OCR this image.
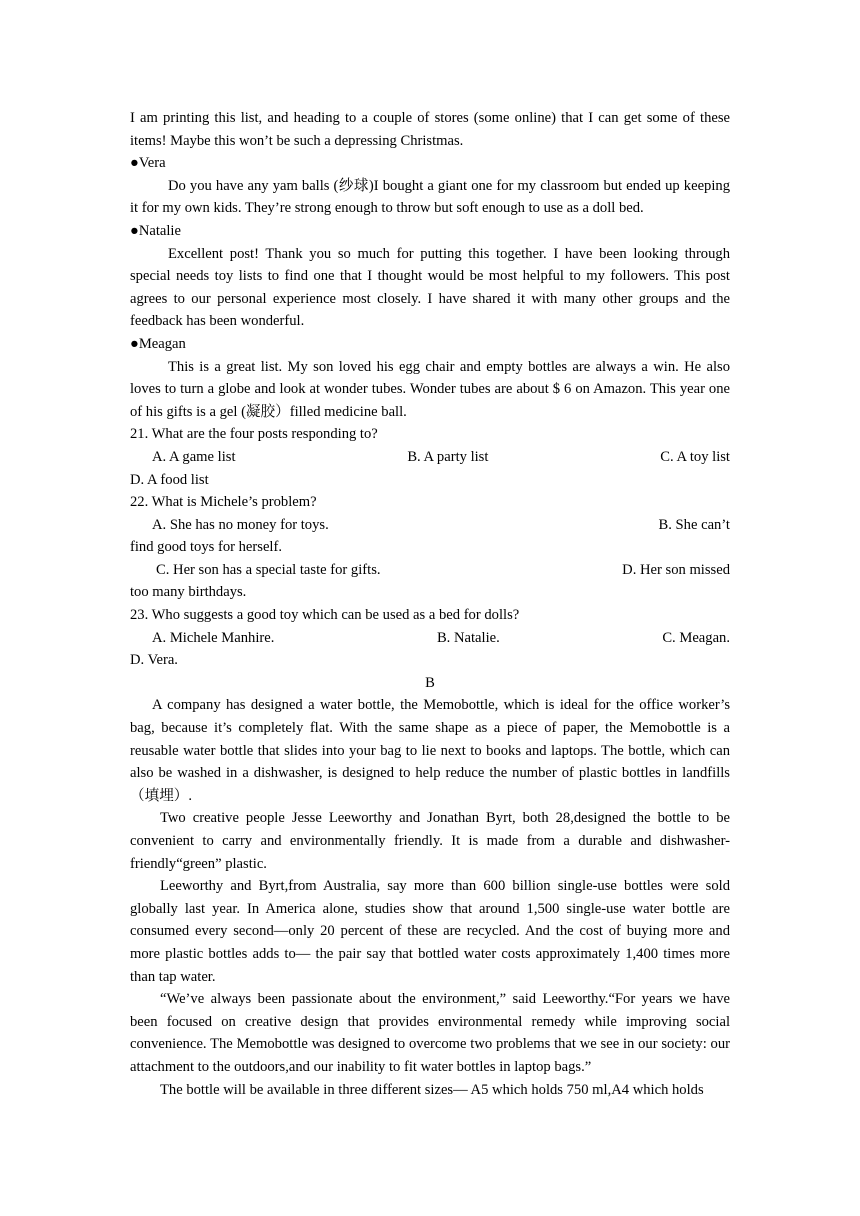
I am printing this list, and heading to a couple of stores (some online) that I can get some of these items! Maybe this won’t be such a depressing Christmas.

●Vera

Do you have any yam balls (纱球)I bought a giant one for my classroom but ended up keeping it for my own kids. They’re strong enough to throw but soft enough to use as a doll bed.

●Natalie

Excellent post! Thank you so much for putting this together. I have been looking through special needs toy lists to find one that I thought would be most helpful to my followers. This post agrees to our personal experience most closely. I have shared it with many other groups and the feedback has been wonderful.

●Meagan

This is a great list. My son loved his egg chair and empty bottles are always a win. He also loves to turn a globe and look at wonder tubes. Wonder tubes are about $ 6 on Amazon. This year one of his gifts is a gel (凝胶）filled medicine ball.

21. What are the four posts responding to?

A. A game list	B. A party list	C. A toy list

D. A food list

22. What is Michele’s problem?

A. She has no money for toys.	B. She can’t

find good toys for herself.

C. Her son has a special taste for gifts.	D. Her son missed

too many birthdays.

23. Who suggests a good toy which can be used as a bed for dolls?

A. Michele Manhire.	B. Natalie.	C. Meagan.

D. Vera.

B

A company has designed a water bottle, the Memobottle, which is ideal for the office worker’s bag, because it’s completely flat. With the same shape as a piece of paper, the Memobottle is a reusable water bottle that slides into your bag to lie next to books and laptops. The bottle, which can also be washed in a dishwasher, is designed to help reduce the number of plastic bottles in landfills（填埋）.

Two creative people Jesse Leeworthy and Jonathan Byrt, both 28,designed the bottle to be convenient to carry and environmentally friendly. It is made from a durable and dishwasher-friendly“green” plastic.

Leeworthy and Byrt,from Australia, say more than 600 billion single-use bottles were sold globally last year. In America alone, studies show that around 1,500 single-use water bottle are consumed every second—only 20 percent of these are recycled. And the cost of buying more and more plastic bottles adds to— the pair say that bottled water costs approximately 1,400 times more than tap water.

“We’ve always been passionate about the environment,” said Leeworthy.“For years we have been focused on creative design that provides environmental remedy while improving social convenience. The Memobottle was designed to overcome two problems that we see in our society: our attachment to the outdoors,and our inability to fit water bottles in laptop bags.”

The bottle will be available in three different sizes— A5 which holds 750 ml,A4 which holds
